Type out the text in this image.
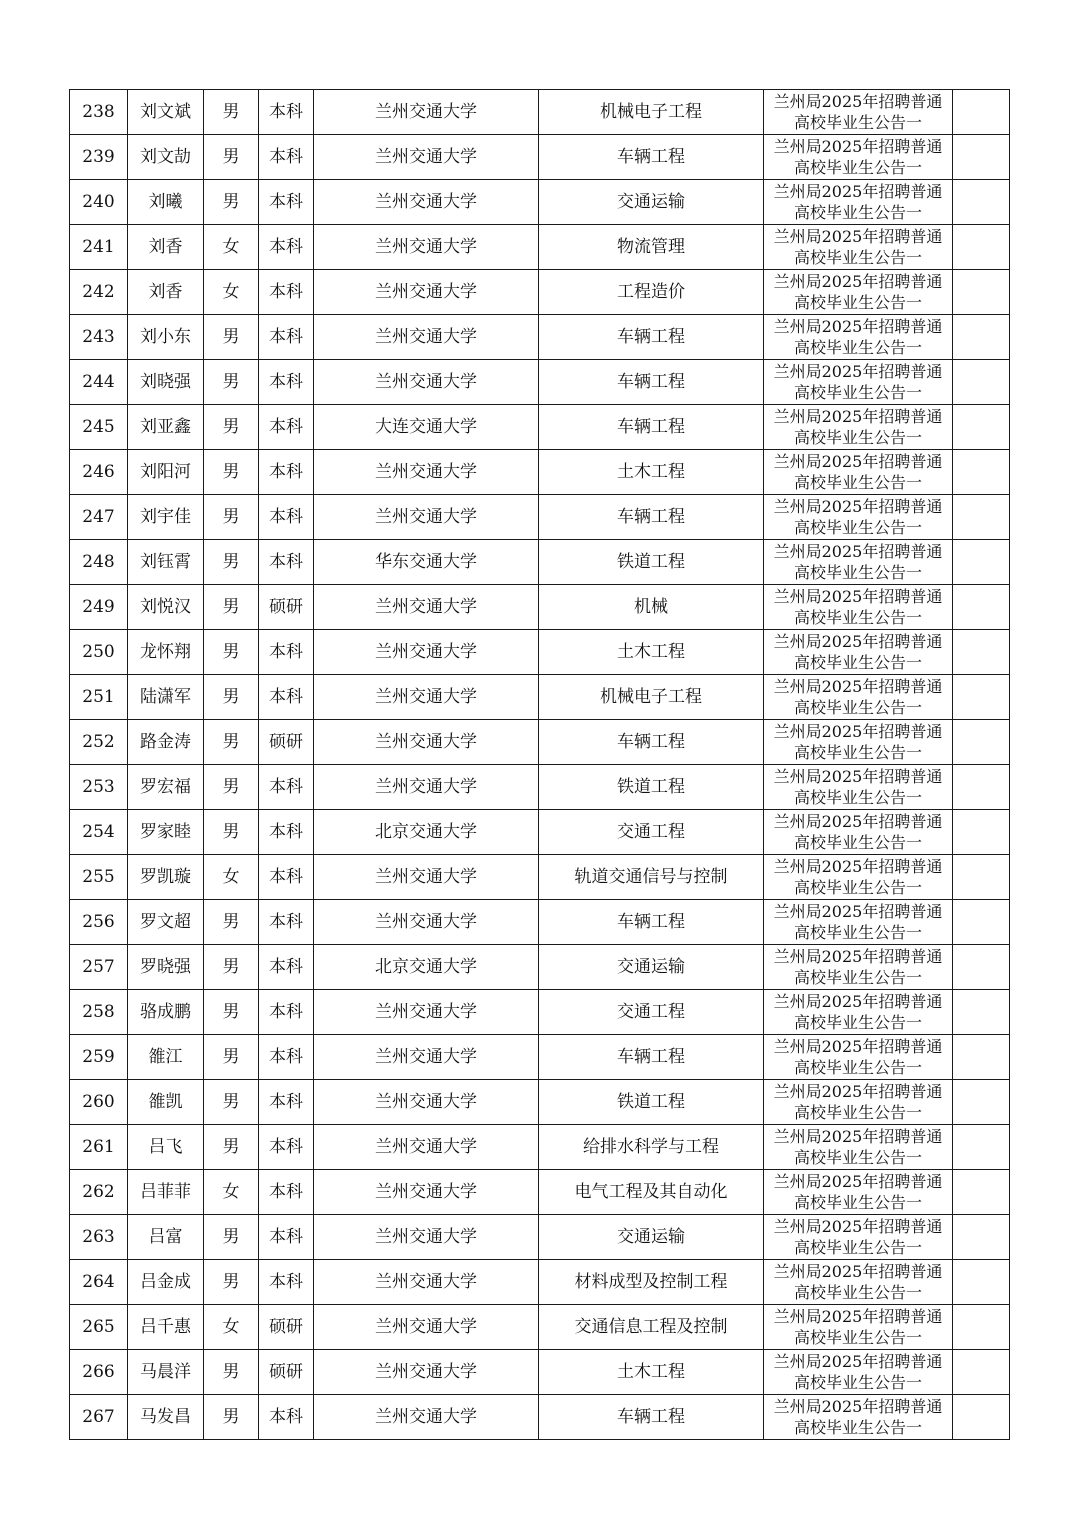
238	刘文斌	男	本科	兰州交通大学	机械电子工程	兰州局2025年招聘普通
高校毕业生公告一	

239	刘文劼	男	本科	兰州交通大学	车辆工程	兰州局2025年招聘普通
高校毕业生公告一	

240	刘曦	男	本科	兰州交通大学	交通运输	兰州局2025年招聘普通
高校毕业生公告一	

241	刘香	女	本科	兰州交通大学	物流管理	兰州局2025年招聘普通
高校毕业生公告一	

242	刘香	女	本科	兰州交通大学	工程造价	兰州局2025年招聘普通
高校毕业生公告一	

243	刘小东	男	本科	兰州交通大学	车辆工程	兰州局2025年招聘普通
高校毕业生公告一	

244	刘晓强	男	本科	兰州交通大学	车辆工程	兰州局2025年招聘普通
高校毕业生公告一	

245	刘亚鑫	男	本科	大连交通大学	车辆工程	兰州局2025年招聘普通
高校毕业生公告一	

246	刘阳河	男	本科	兰州交通大学	土木工程	兰州局2025年招聘普通
高校毕业生公告一	

247	刘宇佳	男	本科	兰州交通大学	车辆工程	兰州局2025年招聘普通
高校毕业生公告一	

248	刘钰霄	男	本科	华东交通大学	铁道工程	兰州局2025年招聘普通
高校毕业生公告一	

249	刘悦汉	男	硕研	兰州交通大学	机械	兰州局2025年招聘普通
高校毕业生公告一	

250	龙怀翔	男	本科	兰州交通大学	土木工程	兰州局2025年招聘普通
高校毕业生公告一	

251	陆潇军	男	本科	兰州交通大学	机械电子工程	兰州局2025年招聘普通
高校毕业生公告一	

252	路金涛	男	硕研	兰州交通大学	车辆工程	兰州局2025年招聘普通
高校毕业生公告一	

253	罗宏福	男	本科	兰州交通大学	铁道工程	兰州局2025年招聘普通
高校毕业生公告一	

254	罗家睦	男	本科	北京交通大学	交通工程	兰州局2025年招聘普通
高校毕业生公告一	

255	罗凯璇	女	本科	兰州交通大学	轨道交通信号与控制	兰州局2025年招聘普通
高校毕业生公告一	

256	罗文超	男	本科	兰州交通大学	车辆工程	兰州局2025年招聘普通
高校毕业生公告一	

257	罗晓强	男	本科	北京交通大学	交通运输	兰州局2025年招聘普通
高校毕业生公告一	

258	骆成鹏	男	本科	兰州交通大学	交通工程	兰州局2025年招聘普通
高校毕业生公告一	

259	雒江	男	本科	兰州交通大学	车辆工程	兰州局2025年招聘普通
高校毕业生公告一	

260	雒凯	男	本科	兰州交通大学	铁道工程	兰州局2025年招聘普通
高校毕业生公告一	

261	吕飞	男	本科	兰州交通大学	给排水科学与工程	兰州局2025年招聘普通
高校毕业生公告一	

262	吕菲菲	女	本科	兰州交通大学	电气工程及其自动化	兰州局2025年招聘普通
高校毕业生公告一	

263	吕富	男	本科	兰州交通大学	交通运输	兰州局2025年招聘普通
高校毕业生公告一	

264	吕金成	男	本科	兰州交通大学	材料成型及控制工程	兰州局2025年招聘普通
高校毕业生公告一	

265	吕千惠	女	硕研	兰州交通大学	交通信息工程及控制	兰州局2025年招聘普通
高校毕业生公告一	

266	马晨洋	男	硕研	兰州交通大学	土木工程	兰州局2025年招聘普通
高校毕业生公告一	

267	马发昌	男	本科	兰州交通大学	车辆工程	兰州局2025年招聘普通
高校毕业生公告一	
